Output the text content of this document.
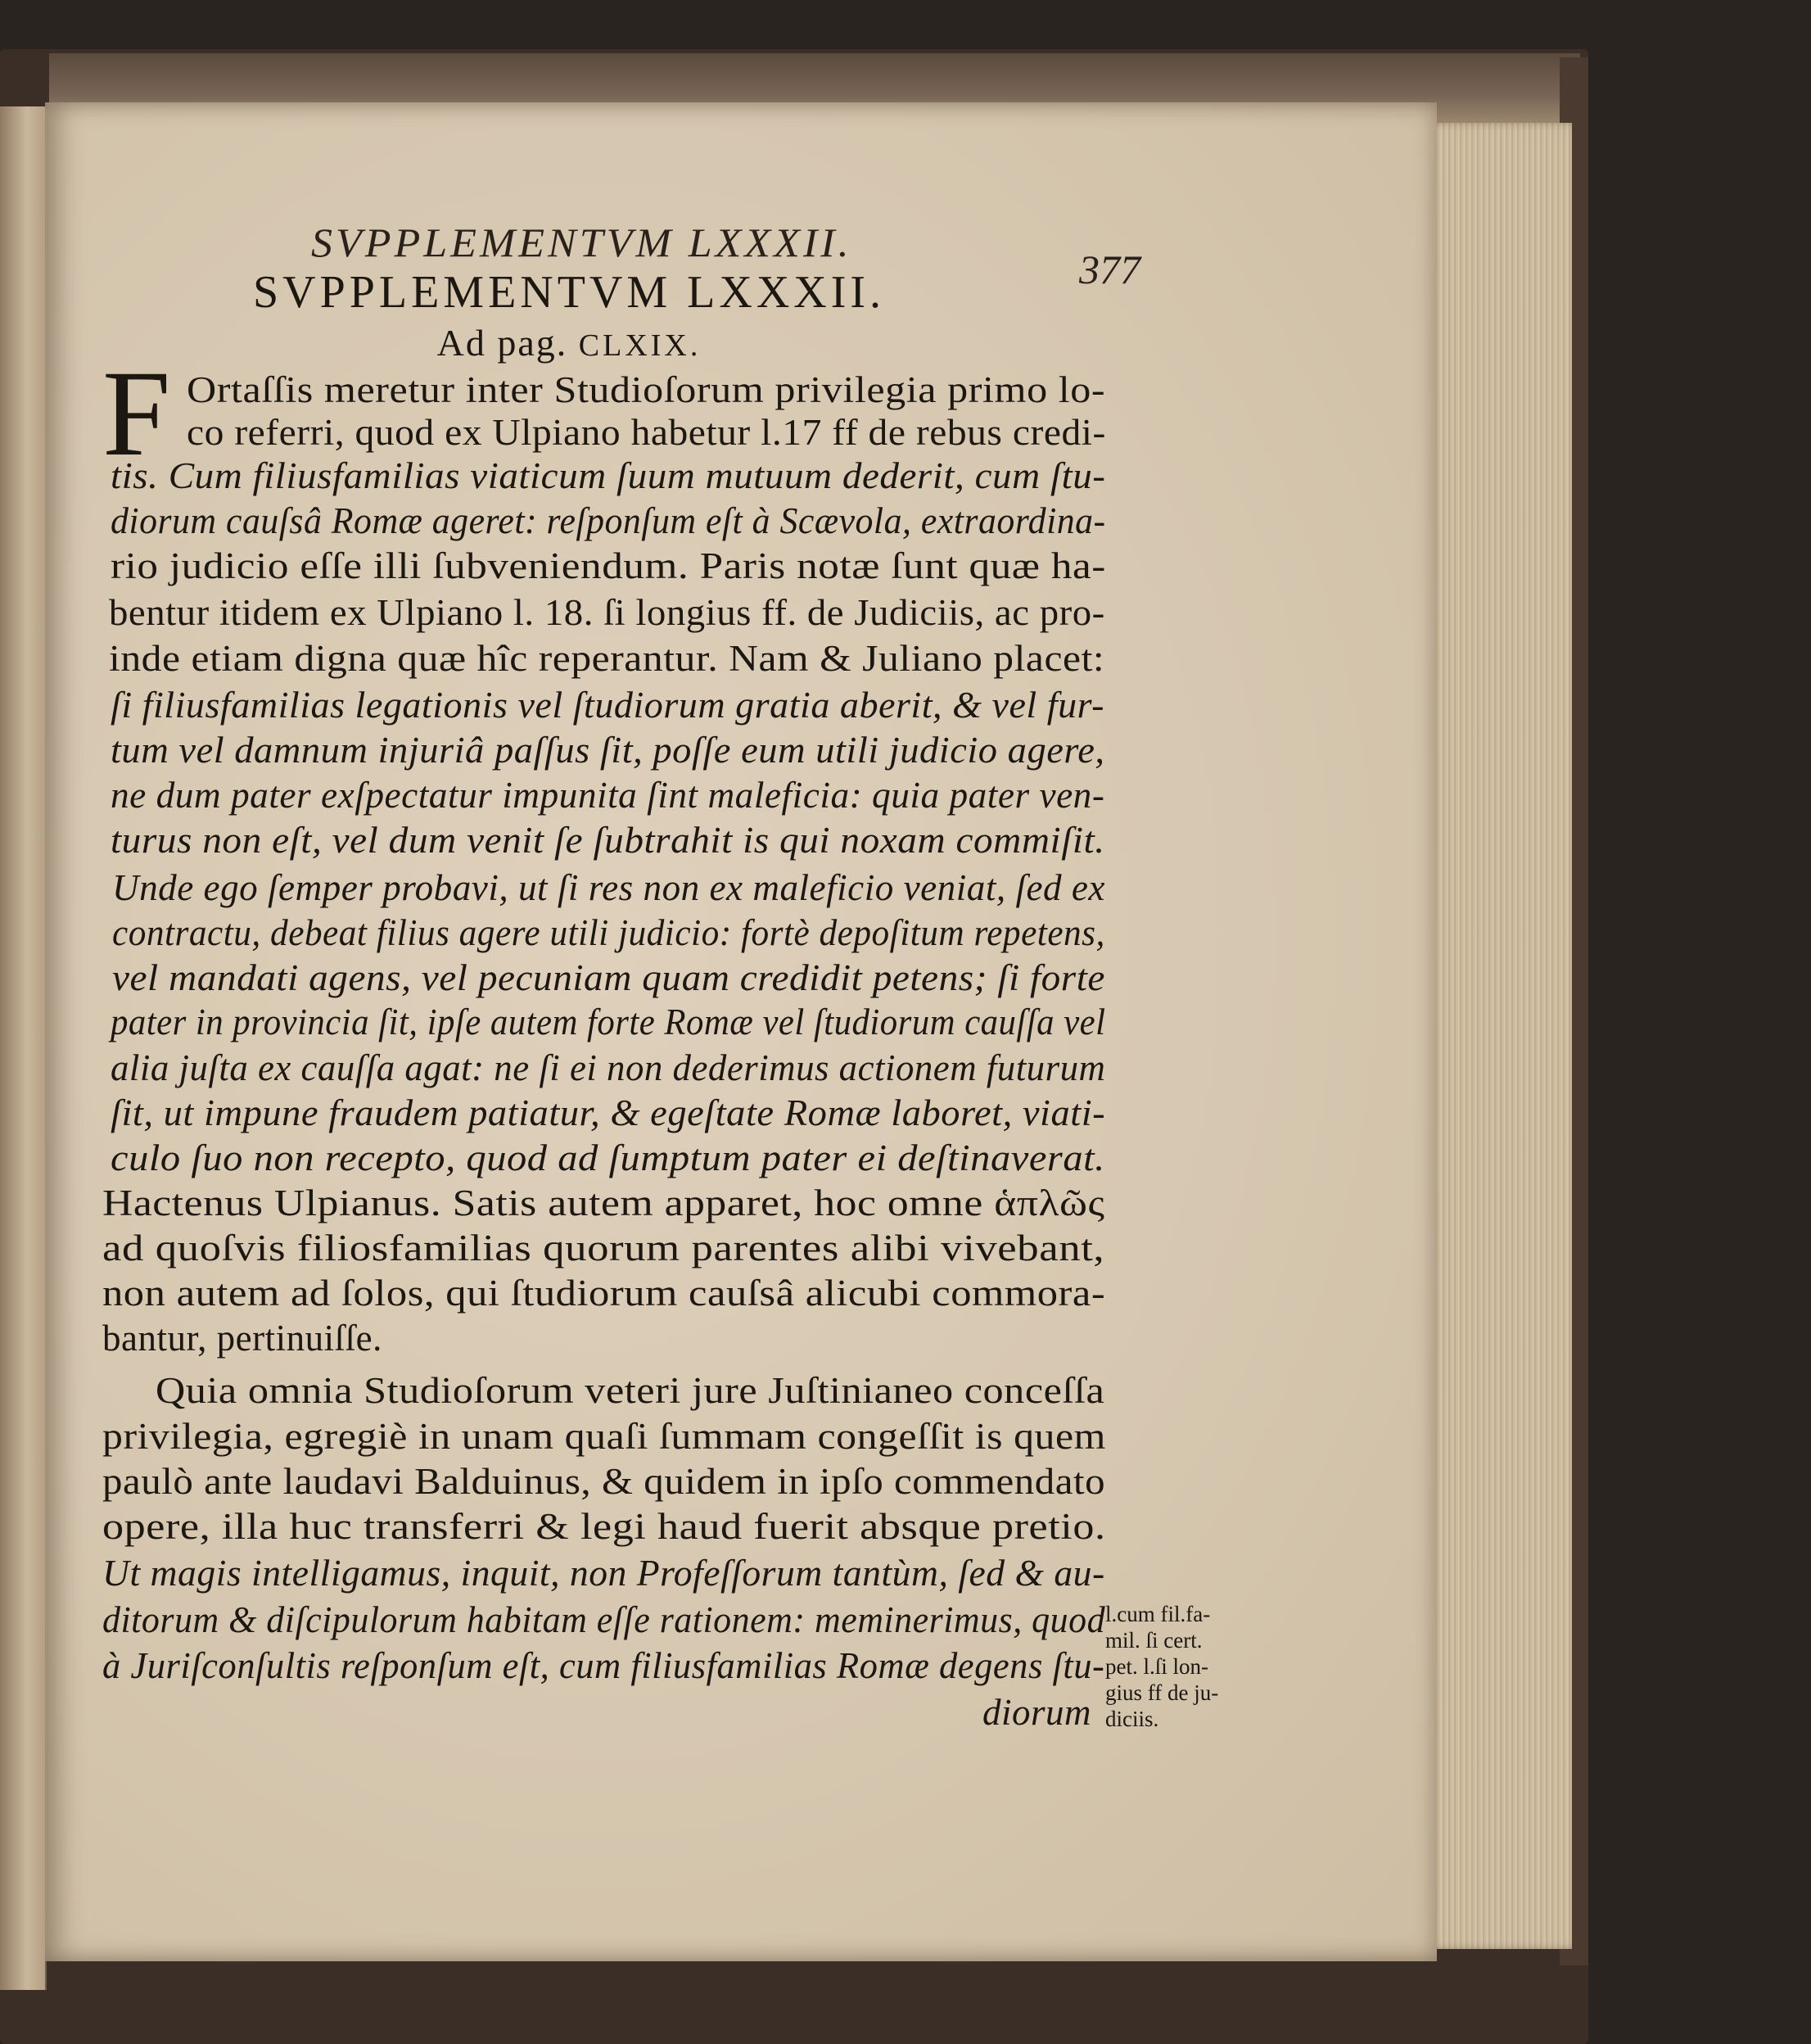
SVPPLEMENTVM LXXXII.
377
SVPPLEMENTVM LXXXII.
Ad pag. CLXIX.
F Ortaſſis meretur inter Studioſorum privilegia primo lo-
co referri, quod ex Ulpiano habetur l.17 ff de rebus credi-
tis. Cum filiusfamilias viaticum ſuum mutuum dederit, cum ſtu-
diorum cauſsâ Romæ ageret: reſponſum eſt à Scævola, extraordina-
rio judicio eſſe illi ſubveniendum. Paris notæ ſunt quæ ha-
bentur itidem ex Ulpiano l. 18. ſi longius ff. de Judiciis, ac pro-
inde etiam digna quæ hîc reperantur. Nam & Juliano placet:
ſi filiusfamilias legationis vel ſtudiorum gratia aberit, & vel fur-
tum vel damnum injuriâ paſſus ſit, poſſe eum utili judicio agere,
ne dum pater exſpectatur impunita ſint maleficia: quia pater ven-
turus non eſt, vel dum venit ſe ſubtrahit is qui noxam commiſit.
Unde ego ſemper probavi, ut ſi res non ex maleficio veniat, ſed ex
contractu, debeat filius agere utili judicio: fortè depoſitum repetens,
vel mandati agens, vel pecuniam quam credidit petens; ſi forte
pater in provincia ſit, ipſe autem forte Romæ vel ſtudiorum cauſſa vel
alia juſta ex cauſſa agat: ne ſi ei non dederimus actionem futurum
ſit, ut impune fraudem patiatur, & egeſtate Romæ laboret, viati-
culo ſuo non recepto, quod ad ſumptum pater ei deſtinaverat.
Hactenus Ulpianus. Satis autem apparet, hoc omne ἁπλῶς
ad quoſvis filiosfamilias quorum parentes alibi vivebant,
non autem ad ſolos, qui ſtudiorum cauſsâ alicubi commora-
bantur, pertinuiſſe.
Quia omnia Studioſorum veteri jure Juſtinianeo conceſſa
privilegia, egregiè in unam quaſi ſummam congeſſit is quem
paulò ante laudavi Balduinus, & quidem in ipſo commendato
opere, illa huc transferri & legi haud fuerit absque pretio.
Ut magis intelligamus, inquit, non Profeſſorum tantùm, ſed & au-
ditorum & diſcipulorum habitam eſſe rationem: meminerimus, quod
à Juriſconſultis reſponſum eſt, cum filiusfamilias Romæ degens ſtu-
diorum
l.cum fil.fa-
mil. ſi cert.
pet. l.ſi lon-
gius ff de ju-
diciis.
